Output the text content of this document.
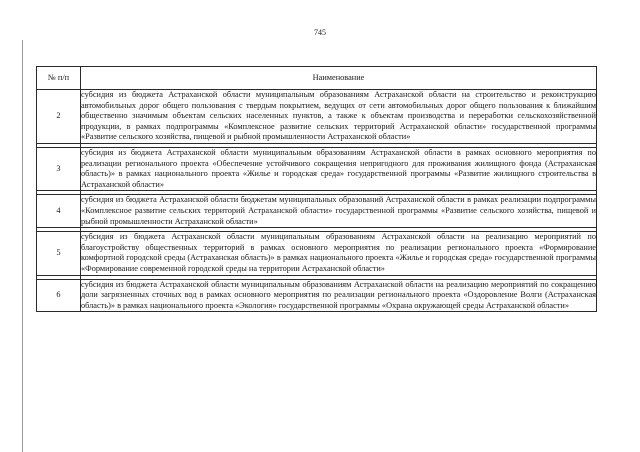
745
№ п/п	Наименование
2	субсидия из бюджета Астраханской области муниципальным образованиям Астраханской области на строительство и реконструкцию автомобильных дорог общего пользования с твердым покрытием, ведущих от сети автомобильных дорог общего пользования к ближайшим общественно значимым объектам сельских населенных пунктов, а также к объектам производства и переработки сельскохозяйственной продукции, в рамках подпрограммы «Комплексное развитие сельских территорий Астраханской области» государственной программы «Развитие сельского хозяйства, пищевой и рыбной промышленности Астраханской области»

3	субсидия из бюджета Астраханской области муниципальным образованиям Астраханской области в рамках основного мероприятия по реализации регионального проекта «Обеспечение устойчивого сокращения непригодного для проживания жилищного фонда (Астраханская область)» в рамках национального проекта «Жилье и городская среда» государственной программы «Развитие жилищного строительства в Астраханской области»

4	субсидия из бюджета Астраханской области бюджетам муниципальных образований Астраханской области в рамках реализации подпрограммы «Комплексное развитие сельских территорий Астраханской области» государственной программы «Развитие сельского хозяйства, пищевой и рыбной промышленности Астраханской области»

5	субсидия из бюджета Астраханской области муниципальным образованиям Астраханской области на реализацию мероприятий по благоустройству общественных территорий в рамках основного мероприятия по реализации регионального проекта «Формирование комфортной городской среды (Астраханская область)» в рамках национального проекта «Жилье и городская среда» государственной программы «Формирование современной городской среды на территории Астраханской области»

6	субсидия из бюджета Астраханской области муниципальным образованиям Астраханской области на реализацию мероприятий по сокращению доли загрязненных сточных вод в рамках основного мероприятия по реализации регионального проекта «Оздоровление Волги (Астраханская область)» в рамках национального проекта «Экология» государственной программы «Охрана окружающей среды Астраханской области»
